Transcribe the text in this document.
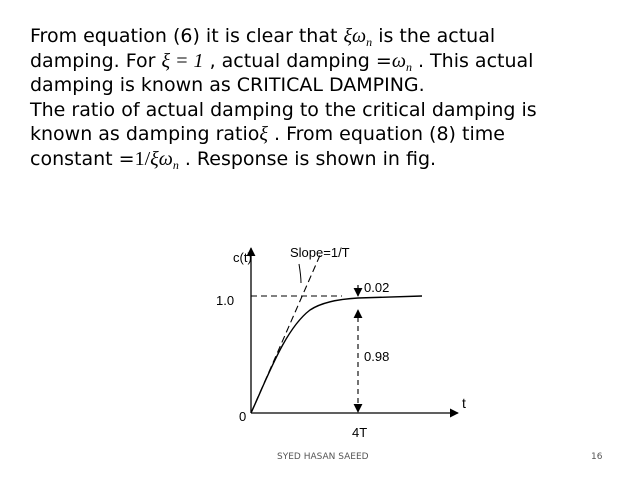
From equation (6) it is clear that $\xi\omega_n$ is the actual
damping. For ξ = 1 , actual damping $=\omega_n$ . This actual
damping is known as CRITICAL DAMPING.
The ratio of actual damping to the critical damping is
known as damping ratioξ . From equation (8) time
constant $=1/\xi\omega_n$ . Response is shown in fig.
c(t)	Slope=1/T
1.0
0
0.02
0.98
t
4T
SYED HASAN SAEED	16
